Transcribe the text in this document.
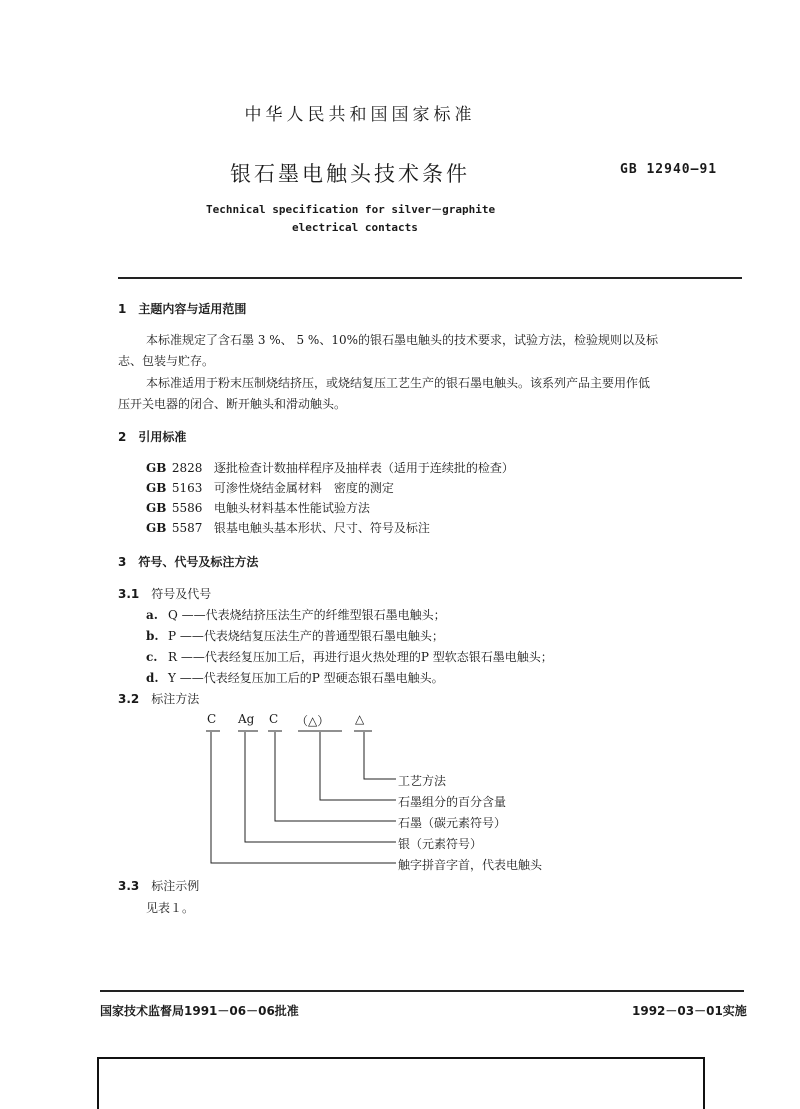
中华人民共和国国家标准
银石墨电触头技术条件	GB 12940—91
Technical specification for silver－graphite
electrical contacts
1　主题内容与适用范围
本标准规定了含石墨 3 %、 5 %、10%的银石墨电触头的技术要求，试验方法，检验规则以及标
志、包装与贮存。
本标准适用于粉末压制烧结挤压，或烧结复压工艺生产的银石墨电触头。该系列产品主要用作低
压开关电器的闭合、断开触头和滑动触头。
2　引用标准
GB 2828 逐批检查计数抽样程序及抽样表（适用于连续批的检查）
GB 5163 可渗性烧结金属材料　密度的测定
GB 5586 电触头材料基本性能试验方法
GB 5587 银基电触头基本形状、尺寸、符号及标注
3　符号、代号及标注方法
3.1　 符号及代号
a. Q ——代表烧结挤压法生产的纤维型银石墨电触头；
b. P ——代表烧结复压法生产的普通型银石墨电触头；
c. R ——代表经复压加工后，再进行退火热处理的P 型软态银石墨电触头；
d. Y ——代表经复压加工后的P 型硬态银石墨电触头。
3.2　 标注方法
C Ag C （△） △
工艺方法
石墨组分的百分含量
石墨（碳元素符号）
银（元素符号）
触字拼音字首，代表电触头
3.3　 标注示例
见表１。
国家技术监督局1991－06－06批准	1992－03－01实施
